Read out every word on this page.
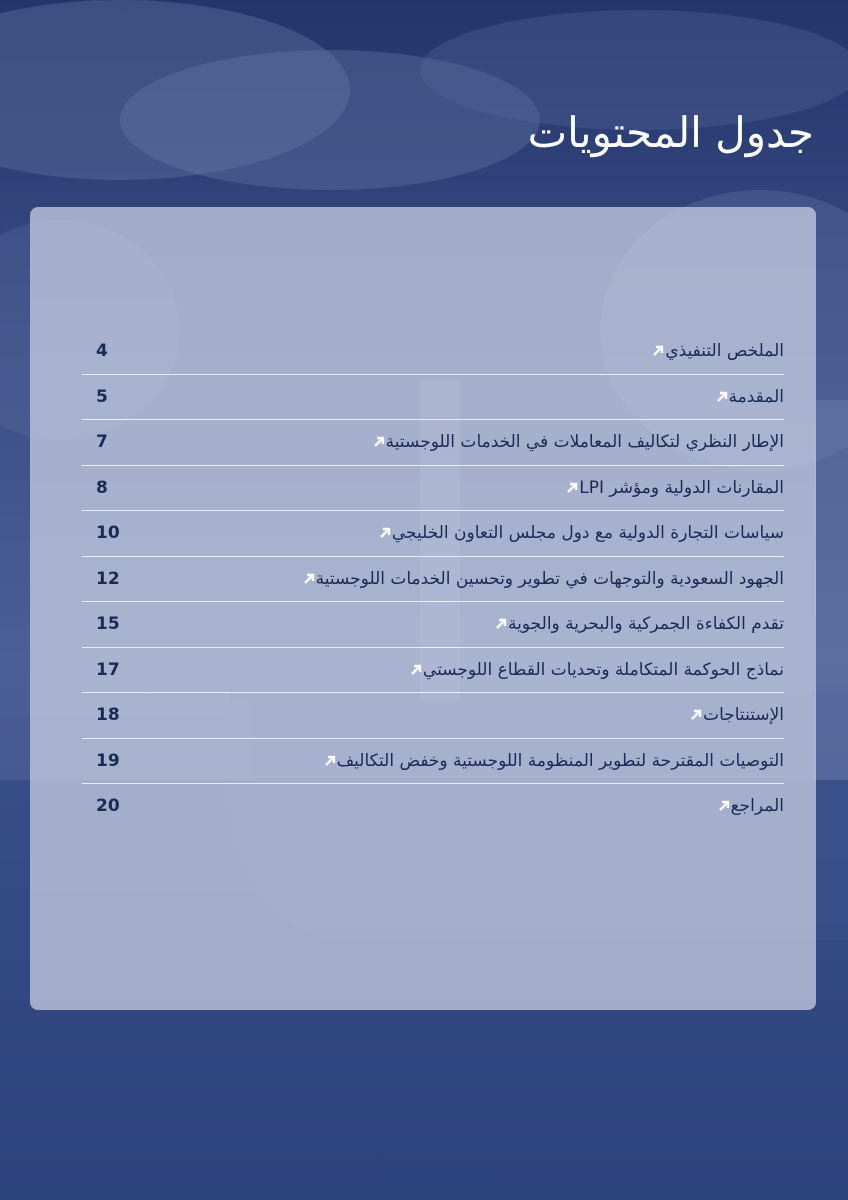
جدول المحتويات
الملخص التنفيذي
4
المقدمة
5
الإطار النظري لتكاليف المعاملات في الخدمات اللوجستية
7
المقارنات الدولية ومؤشر LPI
8
سياسات التجارة الدولية مع دول مجلس التعاون الخليجي
10
الجهود السعودية والتوجهات في تطوير وتحسين الخدمات اللوجستية
12
تقدم الكفاءة الجمركية والبحرية والجوية
15
نماذج الحوكمة المتكاملة وتحديات القطاع اللوجستي
17
الإستنتاجات
18
التوصيات المقترحة لتطوير المنظومة اللوجستية وخفض التكاليف
19
المراجع
20
